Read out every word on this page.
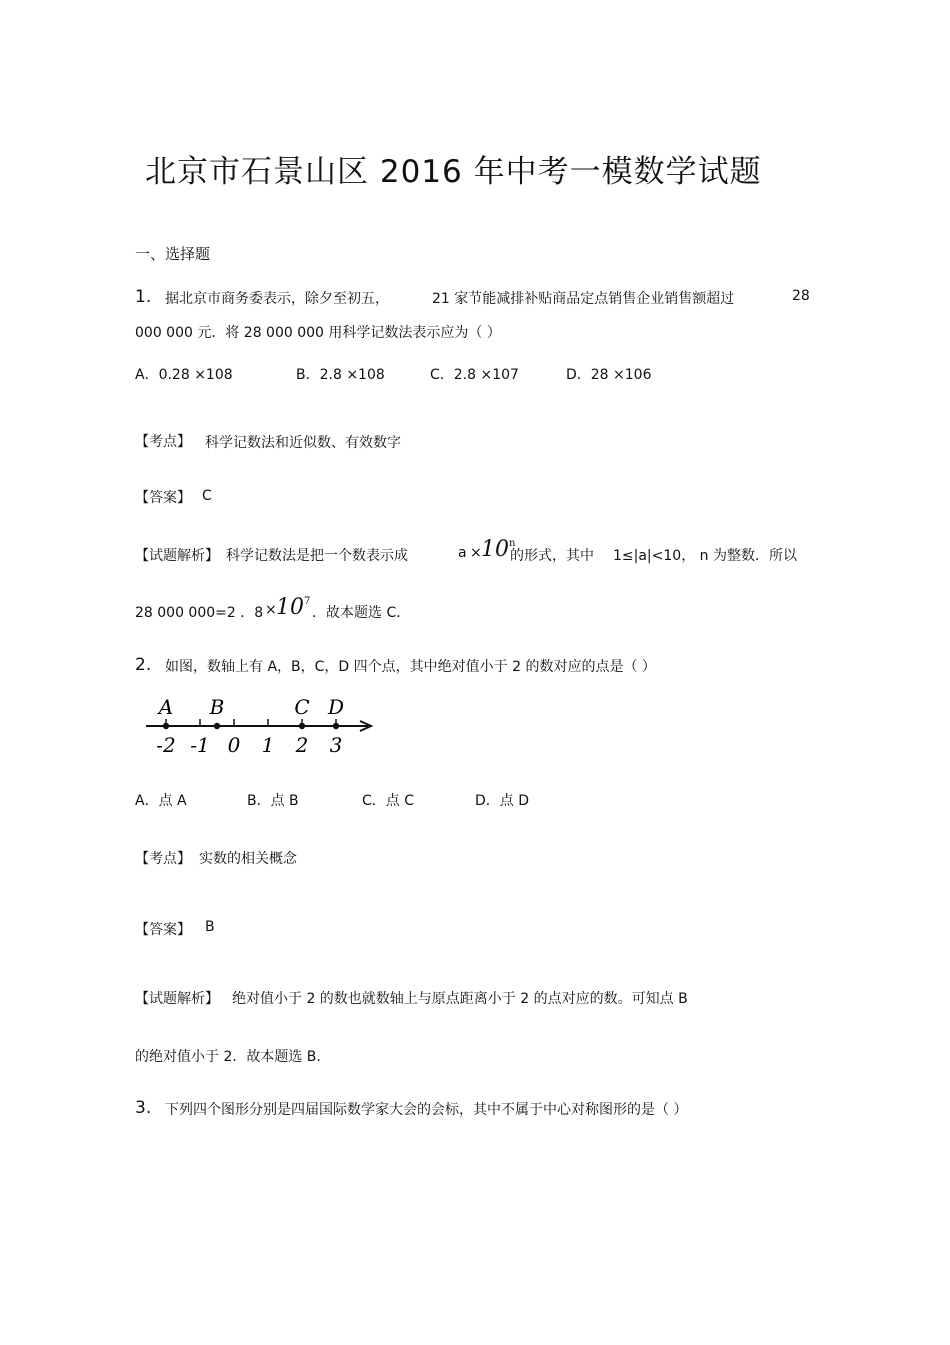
北京市石景山区 2016 年中考一模数学试题
一、选择题
1. 据北京市商务委表示，除夕至初五，	21 家节能减排补贴商品定点销售企业销售额超过	28
000 000 元．将 28 000 000 用科学记数法表示应为（ ）
A．0.28 ×108	B．2.8 ×108	C．2.8 ×107	D．28 ×106
【考点】 科学记数法和近似数、有效数字
【答案】 C
【试题解析】 科学记数法是把一个数表示成	$a \times 10^n$
的形式，其中 1≤|a|<10， n 为整数．所以
28 000 000=2 ．$8 \times 10^7$
．故本题选 C．
2. 如图，数轴上有 A，B，C，D 四个点，其中绝对值小于 2 的数对应的点是（ ）
-2 -1 0 1 2 3
A B	C D
A．点 A	B．点 B	C．点 C	D．点 D
【考点】 实数的相关概念
【答案】 B
【试题解析】 绝对值小于 2 的数也就数轴上与原点距离小于 2 的点对应的数。可知点 B
的绝对值小于 2．故本题选 B．
3. 下列四个图形分别是四届国际数学家大会的会标，其中不属于中心对称图形的是（ ）
